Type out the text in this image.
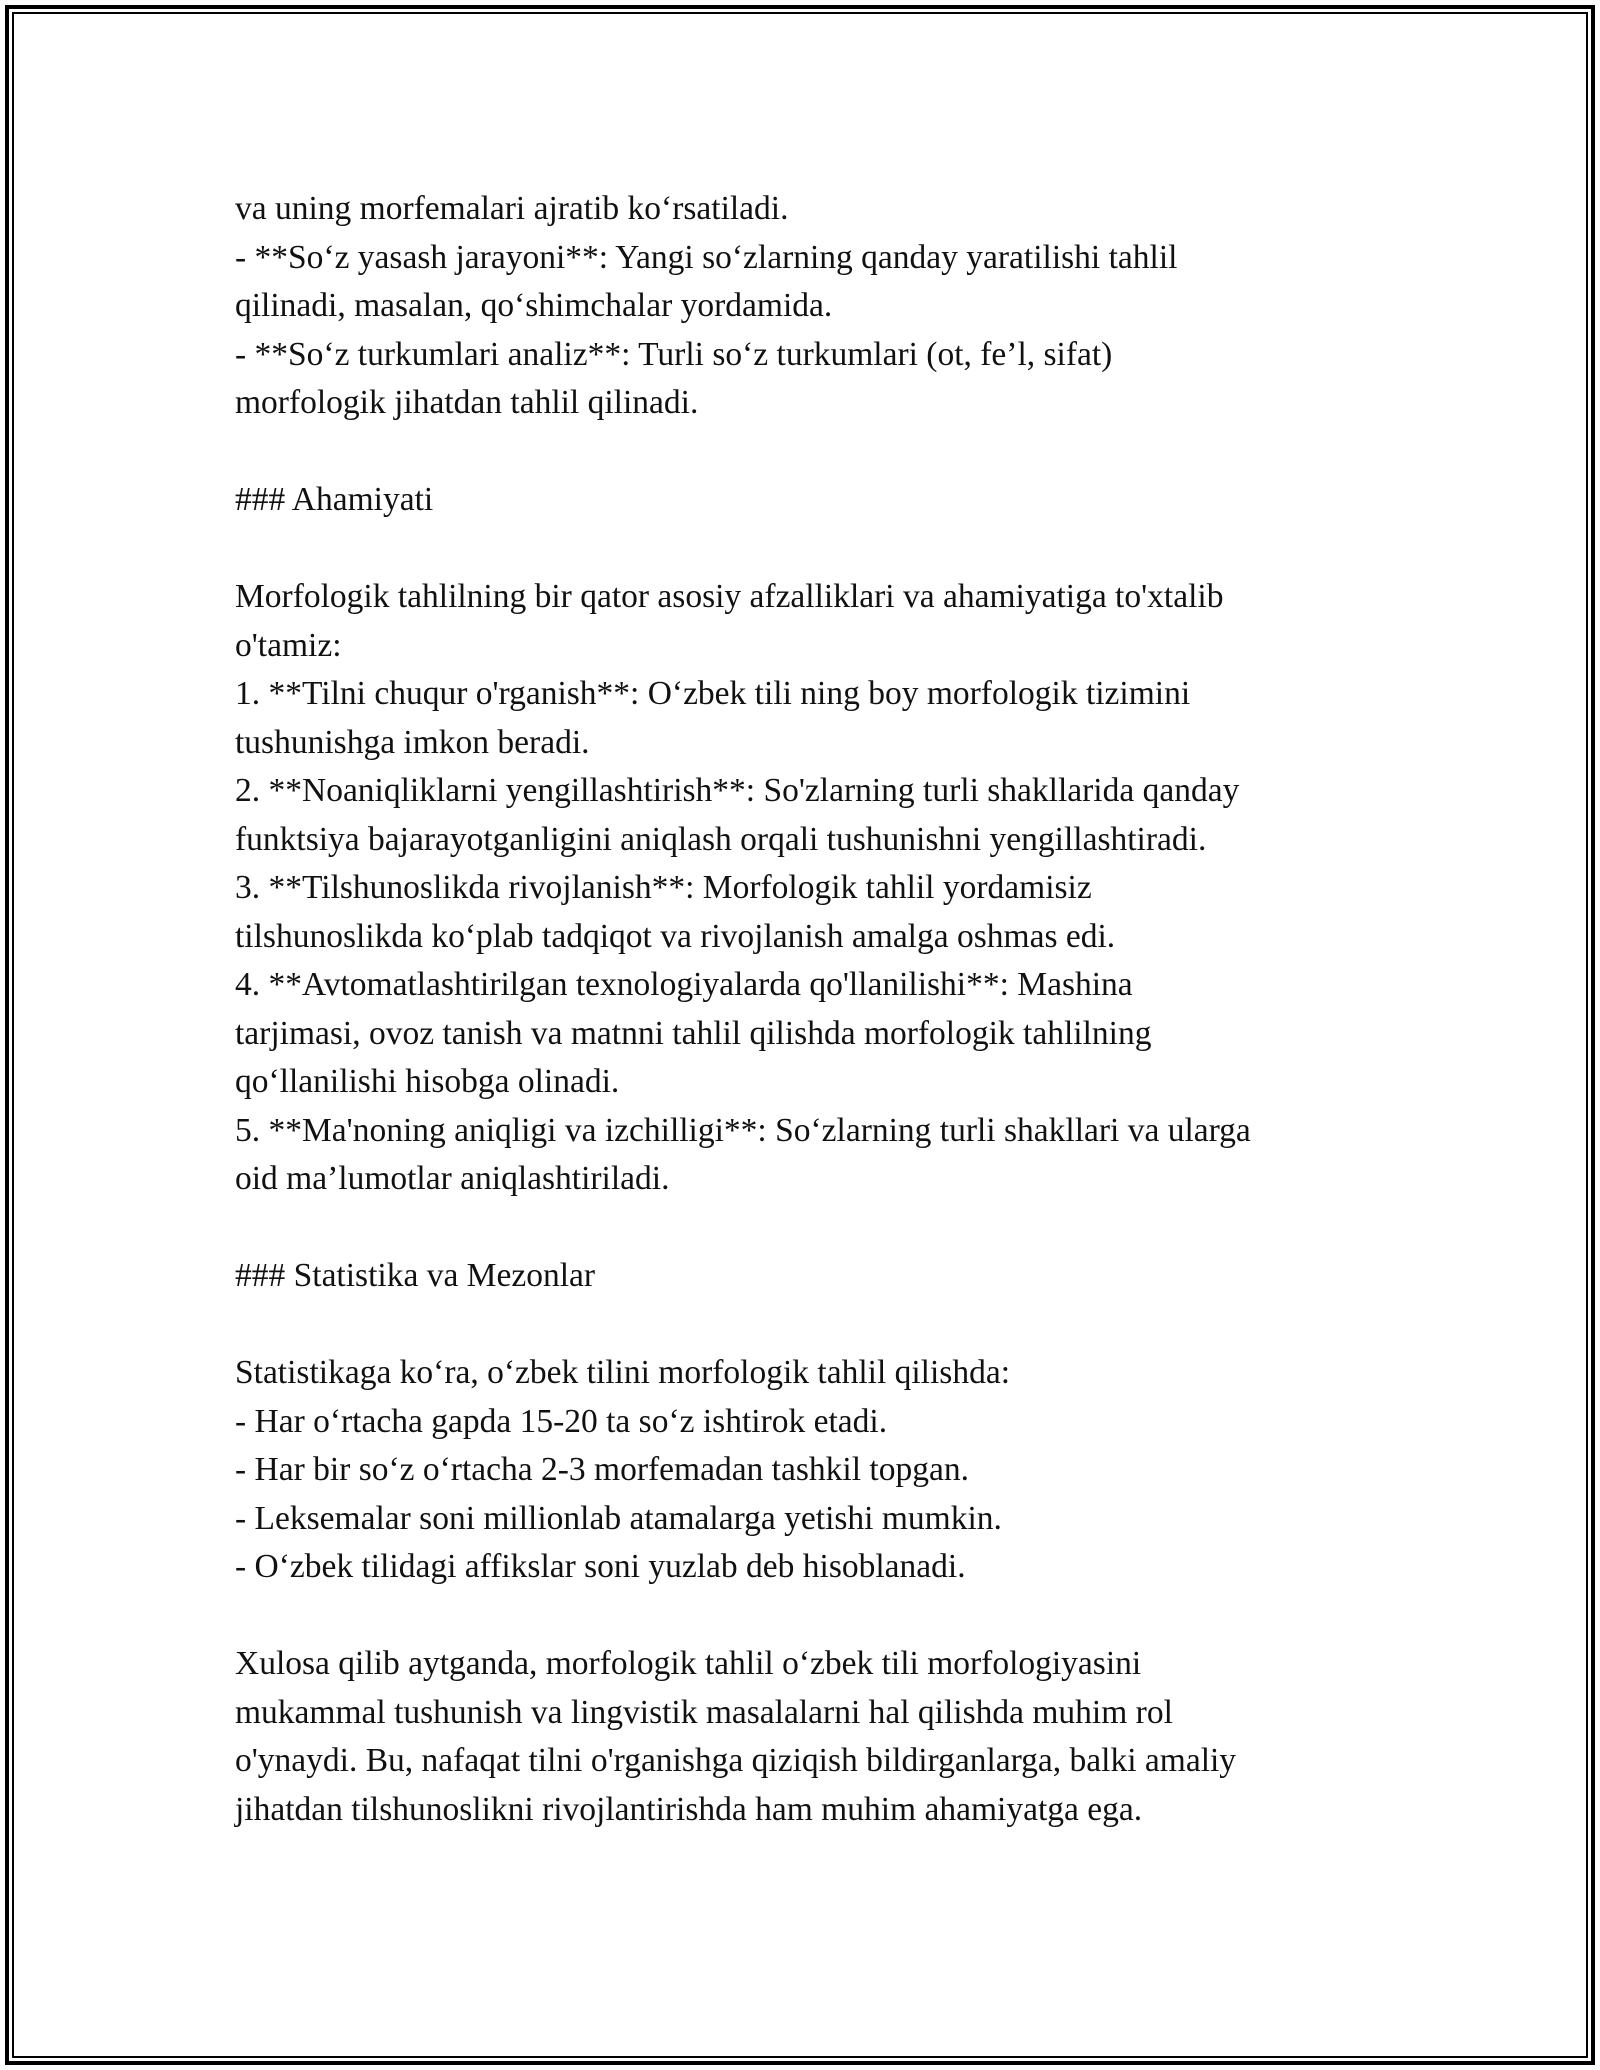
va uning morfemalari ajratib ko‘rsatiladi.

- **So‘z yasash jarayoni**: Yangi so‘zlarning qanday yaratilishi tahlil

qilinadi, masalan, qo‘shimchalar yordamida.

- **So‘z turkumlari analiz**: Turli so‘z turkumlari (ot, fe’l, sifat)

morfologik jihatdan tahlil qilinadi.

### Ahamiyati

Morfologik tahlilning bir qator asosiy afzalliklari va ahamiyatiga to'xtalib

o'tamiz:

1. **Tilni chuqur o'rganish**: O‘zbek tili ning boy morfologik tizimini

tushunishga imkon beradi.

2. **Noaniqliklarni yengillashtirish**: So'zlarning turli shakllarida qanday

funktsiya bajarayotganligini aniqlash orqali tushunishni yengillashtiradi.

3. **Tilshunoslikda rivojlanish**: Morfologik tahlil yordamisiz

tilshunoslikda ko‘plab tadqiqot va rivojlanish amalga oshmas edi.

4. **Avtomatlashtirilgan texnologiyalarda qo'llanilishi**: Mashina

tarjimasi, ovoz tanish va matnni tahlil qilishda morfologik tahlilning

qo‘llanilishi hisobga olinadi.

5. **Ma'noning aniqligi va izchilligi**: So‘zlarning turli shakllari va ularga

oid ma’lumotlar aniqlashtiriladi.

### Statistika va Mezonlar

Statistikaga ko‘ra, o‘zbek tilini morfologik tahlil qilishda:

- Har o‘rtacha gapda 15-20 ta so‘z ishtirok etadi.

- Har bir so‘z o‘rtacha 2-3 morfemadan tashkil topgan.

- Leksemalar soni millionlab atamalarga yetishi mumkin.

- O‘zbek tilidagi affikslar soni yuzlab deb hisoblanadi.

Xulosa qilib aytganda, morfologik tahlil o‘zbek tili morfologiyasini

mukammal tushunish va lingvistik masalalarni hal qilishda muhim rol

o'ynaydi. Bu, nafaqat tilni o'rganishga qiziqish bildirganlarga, balki amaliy

jihatdan tilshunoslikni rivojlantirishda ham muhim ahamiyatga ega.
